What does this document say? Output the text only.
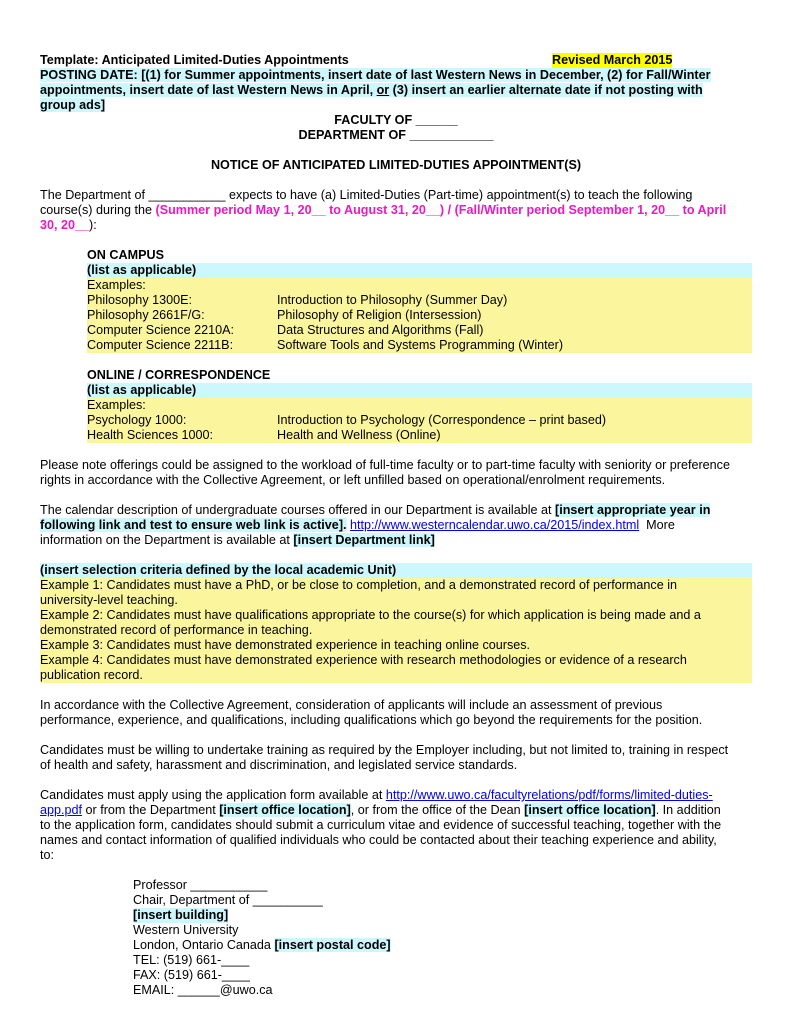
Template: Anticipated Limited-Duties Appointments	Revised March 2015
POSTING DATE: [(1) for Summer appointments, insert date of last Western News in December, (2) for Fall/Winter
appointments, insert date of last Western News in April, or (3) insert an earlier alternate date if not posting with
group ads]
FACULTY OF ______
DEPARTMENT OF ____________
NOTICE OF ANTICIPATED LIMITED-DUTIES APPOINTMENT(S)
The Department of ___________ expects to have (a) Limited-Duties (Part-time) appointment(s) to teach the following
course(s) during the (Summer period May 1, 20__ to August 31, 20__) / (Fall/Winter period September 1, 20__ to April
30, 20__):
ON CAMPUS
(list as applicable)
Examples:
Philosophy 1300E:	Introduction to Philosophy (Summer Day)
Philosophy 2661F/G:	Philosophy of Religion (Intersession)
Computer Science 2210A:	Data Structures and Algorithms (Fall)
Computer Science 2211B:	Software Tools and Systems Programming (Winter)
ONLINE / CORRESPONDENCE
(list as applicable)
Examples:
Psychology 1000:	Introduction to Psychology (Correspondence – print based)
Health Sciences 1000:	Health and Wellness (Online)
Please note offerings could be assigned to the workload of full-time faculty or to part-time faculty with seniority or preference
rights in accordance with the Collective Agreement, or left unfilled based on operational/enrolment requirements.
The calendar description of undergraduate courses offered in our Department is available at [insert appropriate year in
following link and test to ensure web link is active]. http://www.westerncalendar.uwo.ca/2015/index.html More
information on the Department is available at [insert Department link]
(insert selection criteria defined by the local academic Unit)
Example 1: Candidates must have a PhD, or be close to completion, and a demonstrated record of performance in
university-level teaching.
Example 2: Candidates must have qualifications appropriate to the course(s) for which application is being made and a
demonstrated record of performance in teaching.
Example 3: Candidates must have demonstrated experience in teaching online courses.
Example 4: Candidates must have demonstrated experience with research methodologies or evidence of a research
publication record.
In accordance with the Collective Agreement, consideration of applicants will include an assessment of previous
performance, experience, and qualifications, including qualifications which go beyond the requirements for the position.
Candidates must be willing to undertake training as required by the Employer including, but not limited to, training in respect
of health and safety, harassment and discrimination, and legislated service standards.
Candidates must apply using the application form available at http://www.uwo.ca/facultyrelations/pdf/forms/limited-duties-
app.pdf or from the Department [insert office location], or from the office of the Dean [insert office location]. In addition
to the application form, candidates should submit a curriculum vitae and evidence of successful teaching, together with the
names and contact information of qualified individuals who could be contacted about their teaching experience and ability,
to:
Professor ___________
Chair, Department of __________
[insert building]
Western University
London, Ontario Canada [insert postal code]
TEL: (519) 661-____
FAX: (519) 661-____
EMAIL: ______@uwo.ca
